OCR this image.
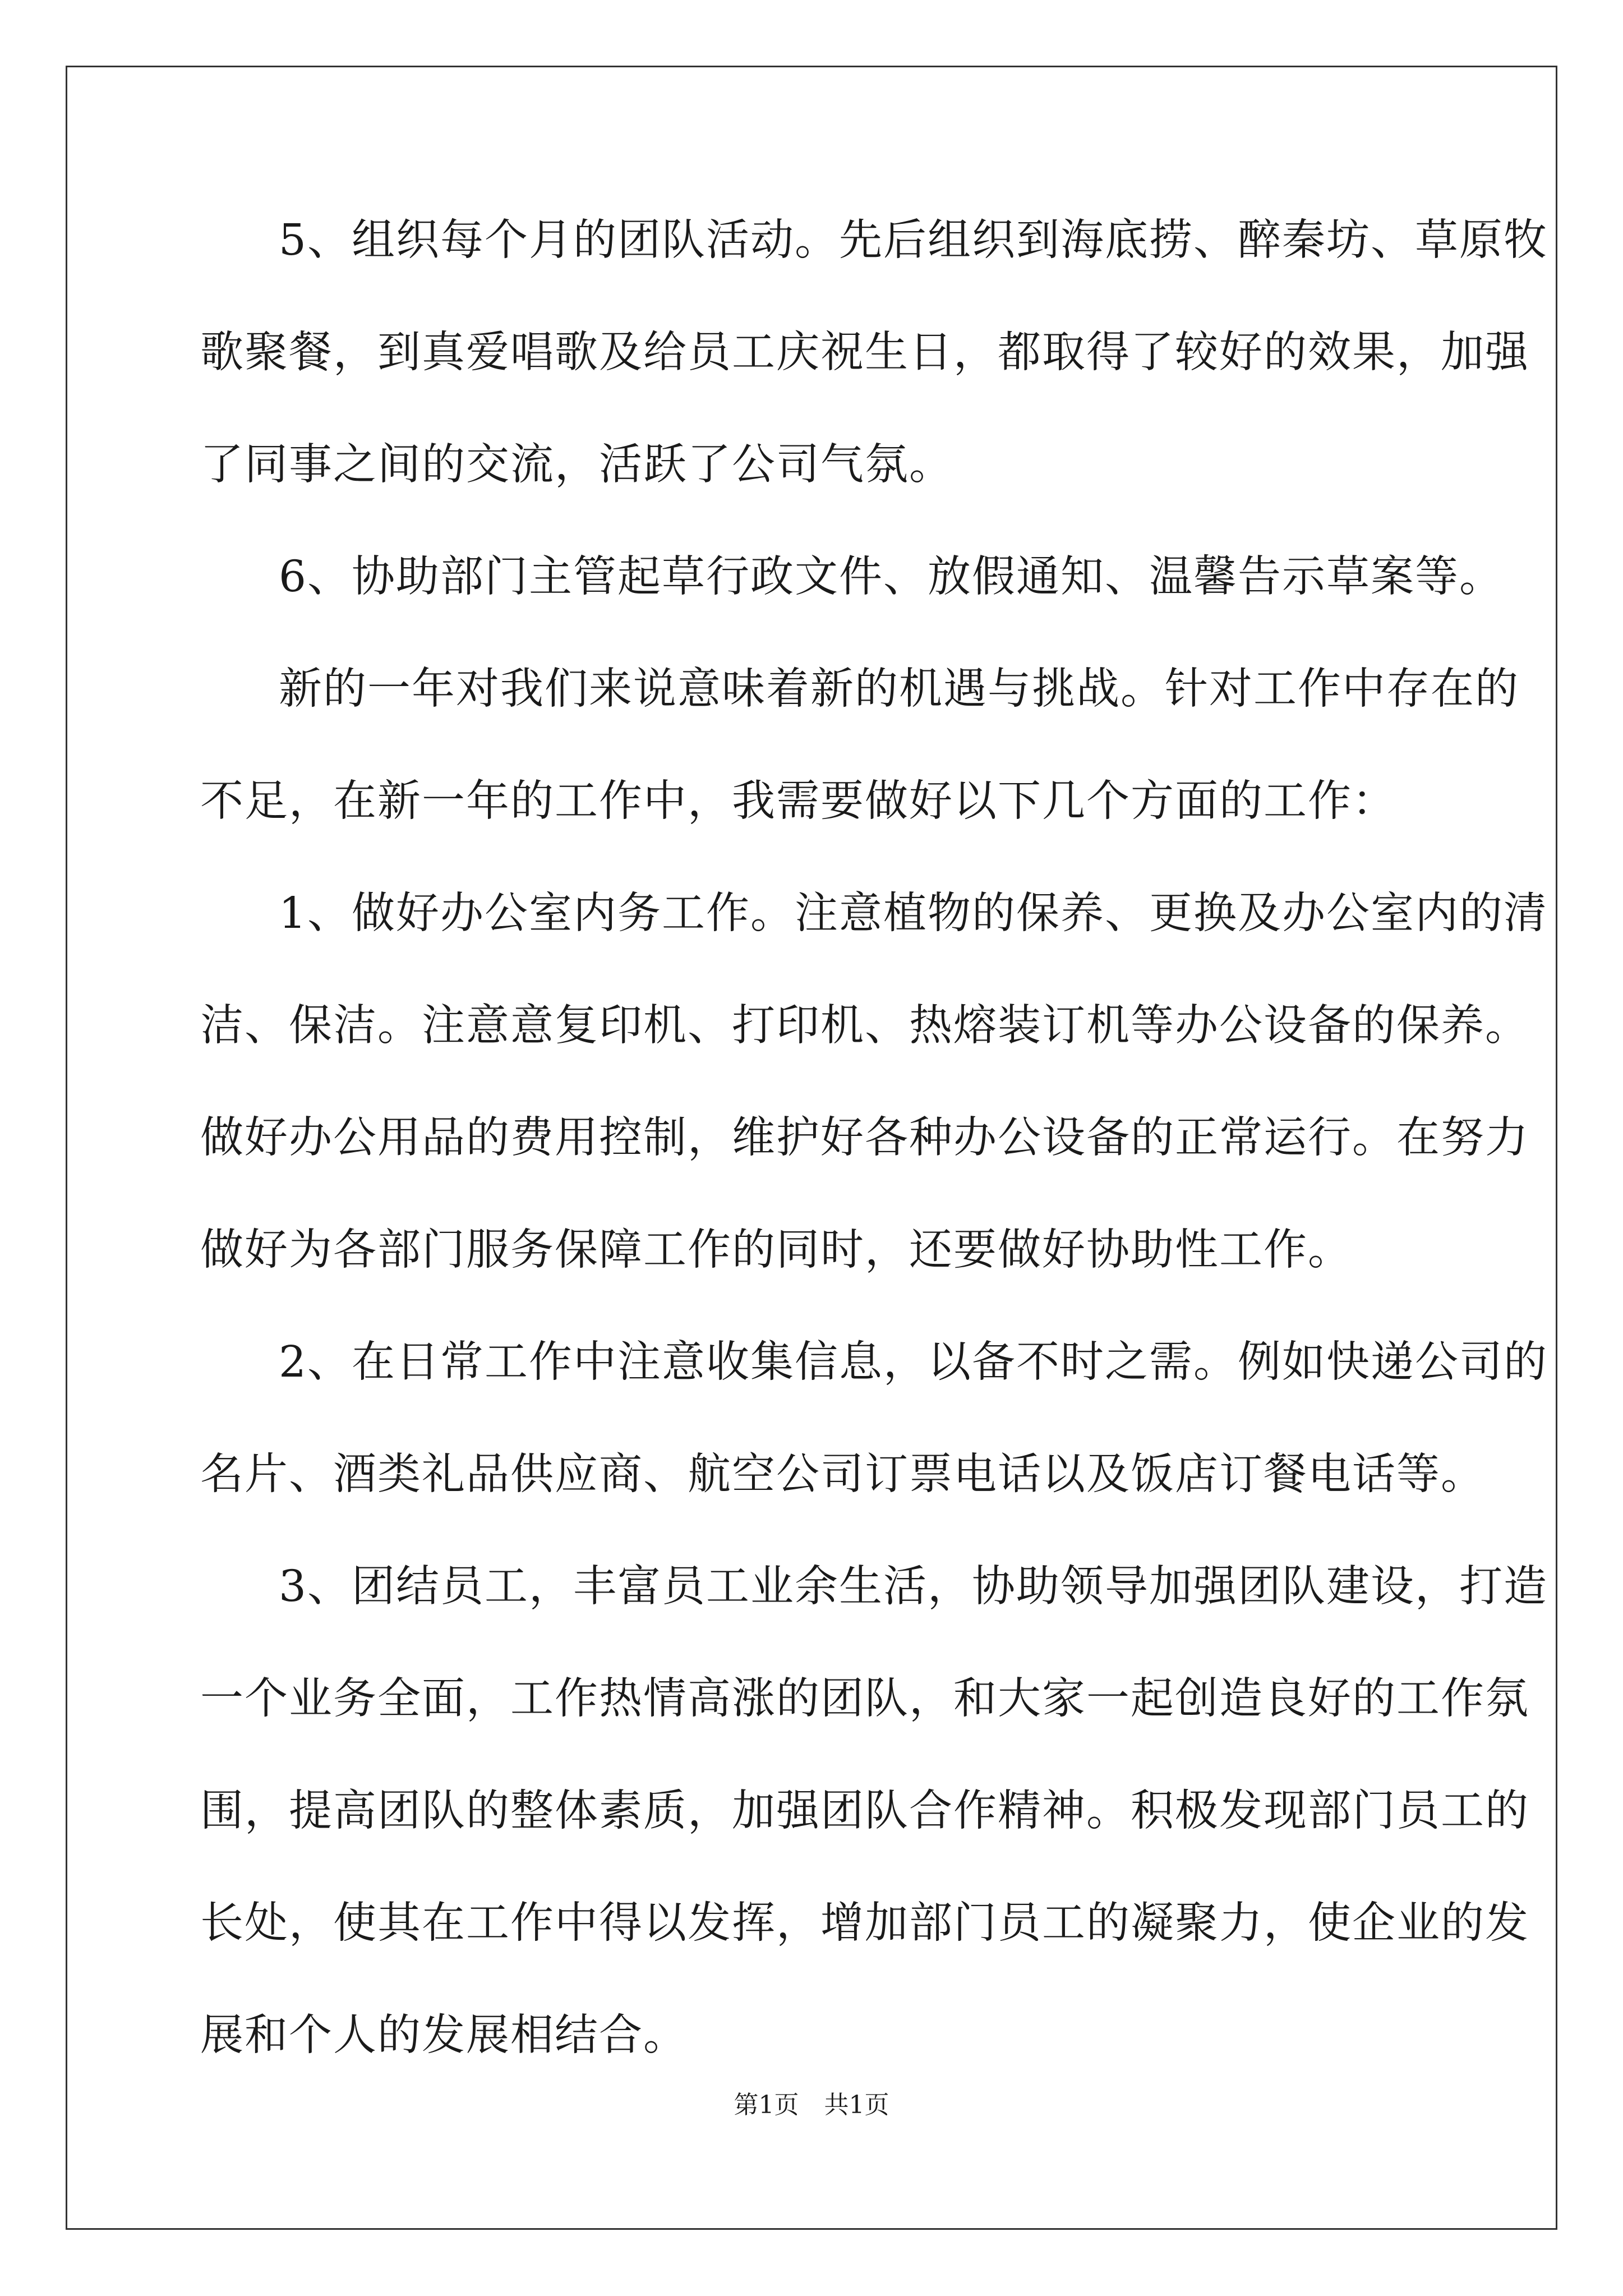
5、组织每个月的团队活动。先后组织到海底捞、醉秦坊、草原牧
歌聚餐，到真爱唱歌及给员工庆祝生日，都取得了较好的效果，加强
了同事之间的交流，活跃了公司气氛。
6、协助部门主管起草行政文件、放假通知、温馨告示草案等。
新的一年对我们来说意味着新的机遇与挑战。针对工作中存在的
不足，在新一年的工作中，我需要做好以下几个方面的工作：
1、做好办公室内务工作。注意植物的保养、更换及办公室内的清
洁、保洁。注意意复印机、打印机、热熔装订机等办公设备的保养。
做好办公用品的费用控制，维护好各种办公设备的正常运行。在努力
做好为各部门服务保障工作的同时，还要做好协助性工作。
2、在日常工作中注意收集信息，以备不时之需。例如快递公司的
名片、酒类礼品供应商、航空公司订票电话以及饭店订餐电话等。
3、团结员工，丰富员工业余生活，协助领导加强团队建设，打造
一个业务全面，工作热情高涨的团队，和大家一起创造良好的工作氛
围，提高团队的整体素质，加强团队合作精神。积极发现部门员工的
长处，使其在工作中得以发挥，增加部门员工的凝聚力，使企业的发
展和个人的发展相结合。
第1页 共1页
